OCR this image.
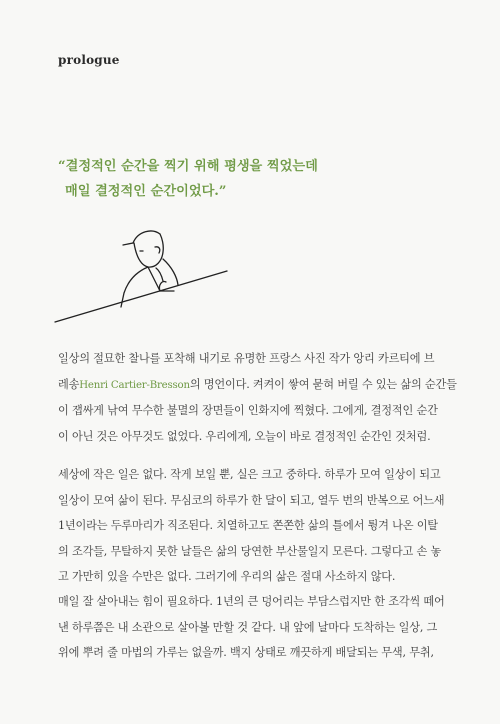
prologue
“결정적인 순간을 찍기 위해 평생을 찍었는데
매일 결정적인 순간이었다.”
일상의 절묘한 찰나를 포착해 내기로 유명한 프랑스 사진 작가 앙리 카르티에 브
레송Henri Cartier-Bresson의 명언이다. 켜켜이 쌓여 묻혀 버릴 수 있는 삶의 순간들
이 잽싸게 낚여 무수한 불멸의 장면들이 인화지에 찍혔다. 그에게, 결정적인 순간
이 아닌 것은 아무것도 없었다. 우리에게, 오늘이 바로 결정적인 순간인 것처럼.
세상에 작은 일은 없다. 작게 보일 뿐, 실은 크고 중하다. 하루가 모여 일상이 되고
일상이 모여 삶이 된다. 무심코의 하루가 한 달이 되고, 열두 번의 반복으로 어느새
1년이라는 두루마리가 직조된다. 치열하고도 쫀쫀한 삶의 틀에서 튕겨 나온 이탈
의 조각들, 무탈하지 못한 날들은 삶의 당연한 부산물일지 모른다. 그렇다고 손 놓
고 가만히 있을 수만은 없다. 그러기에 우리의 삶은 절대 사소하지 않다.
매일 잘 살아내는 힘이 필요하다. 1년의 큰 덩어리는 부담스럽지만 한 조각씩 떼어
낸 하루쯤은 내 소관으로 살아볼 만할 것 같다. 내 앞에 날마다 도착하는 일상, 그
위에 뿌려 줄 마법의 가루는 없을까. 백지 상태로 깨끗하게 배달되는 무색, 무취,
